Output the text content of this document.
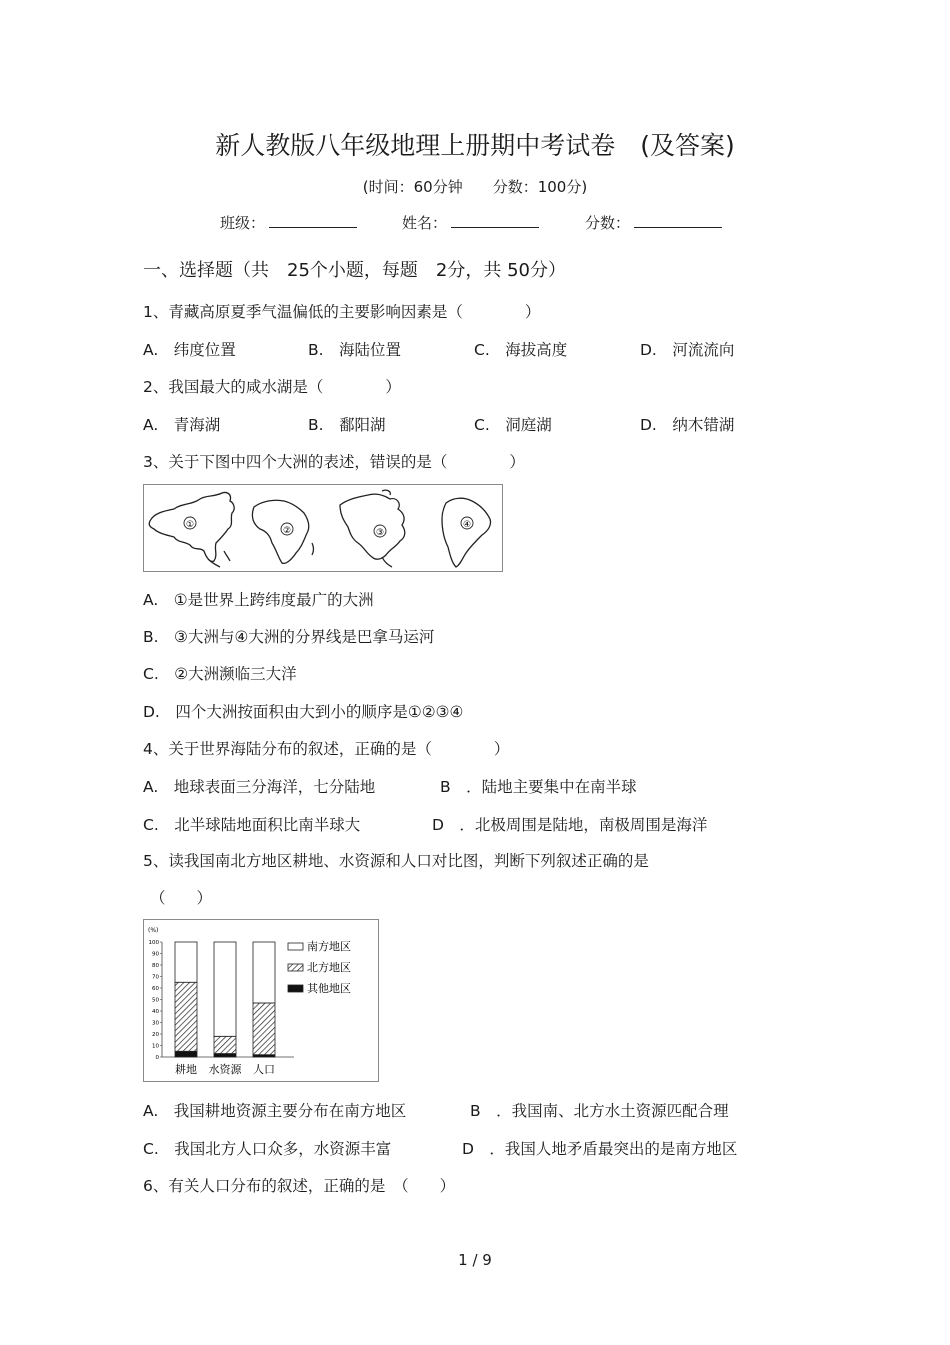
新人教版八年级地理上册期中考试卷　(及答案)
(时间：60分钟　　分数：100分)
班级：	姓名：	分数：
一、选择题（共　25个小题，每题　2分，共 50分）
1、青藏高原夏季气温偏低的主要影响因素是（　　　　）
A.　纬度位置	B.　海陆位置	C.　海拔高度	D.　河流流向
2、我国最大的咸水湖是（　　　　）
A.　青海湖	B.　鄱阳湖	C.　洞庭湖	D.　纳木错湖
3、关于下图中四个大洲的表述，错误的是（　　　　）
①
②	③
④
A.　①是世界上跨纬度最广的大洲
B.　③大洲与④大洲的分界线是巴拿马运河
C.　②大洲濒临三大洋
D.　四个大洲按面积由大到小的顺序是①②③④
4、关于世界海陆分布的叙述，正确的是（　　　　）
A.　地球表面三分海洋，七分陆地	B　．陆地主要集中在南半球
C.　北半球陆地面积比南半球大	D　．北极周围是陆地，南极周围是海洋
5、读我国南北方地区耕地、水资源和人口对比图，判断下列叙述正确的是
（　　）
(%)
0
10
20
30
40
50
60
70
80
90
100
耕地 水资源 人口
南方地区
北方地区
其他地区
A.　我国耕地资源主要分布在南方地区	B　．我国南、北方水土资源匹配合理
C.　我国北方人口众多，水资源丰富	D　．我国人地矛盾最突出的是南方地区
6、有关人口分布的叙述，正确的是　（　　）
1 / 9
